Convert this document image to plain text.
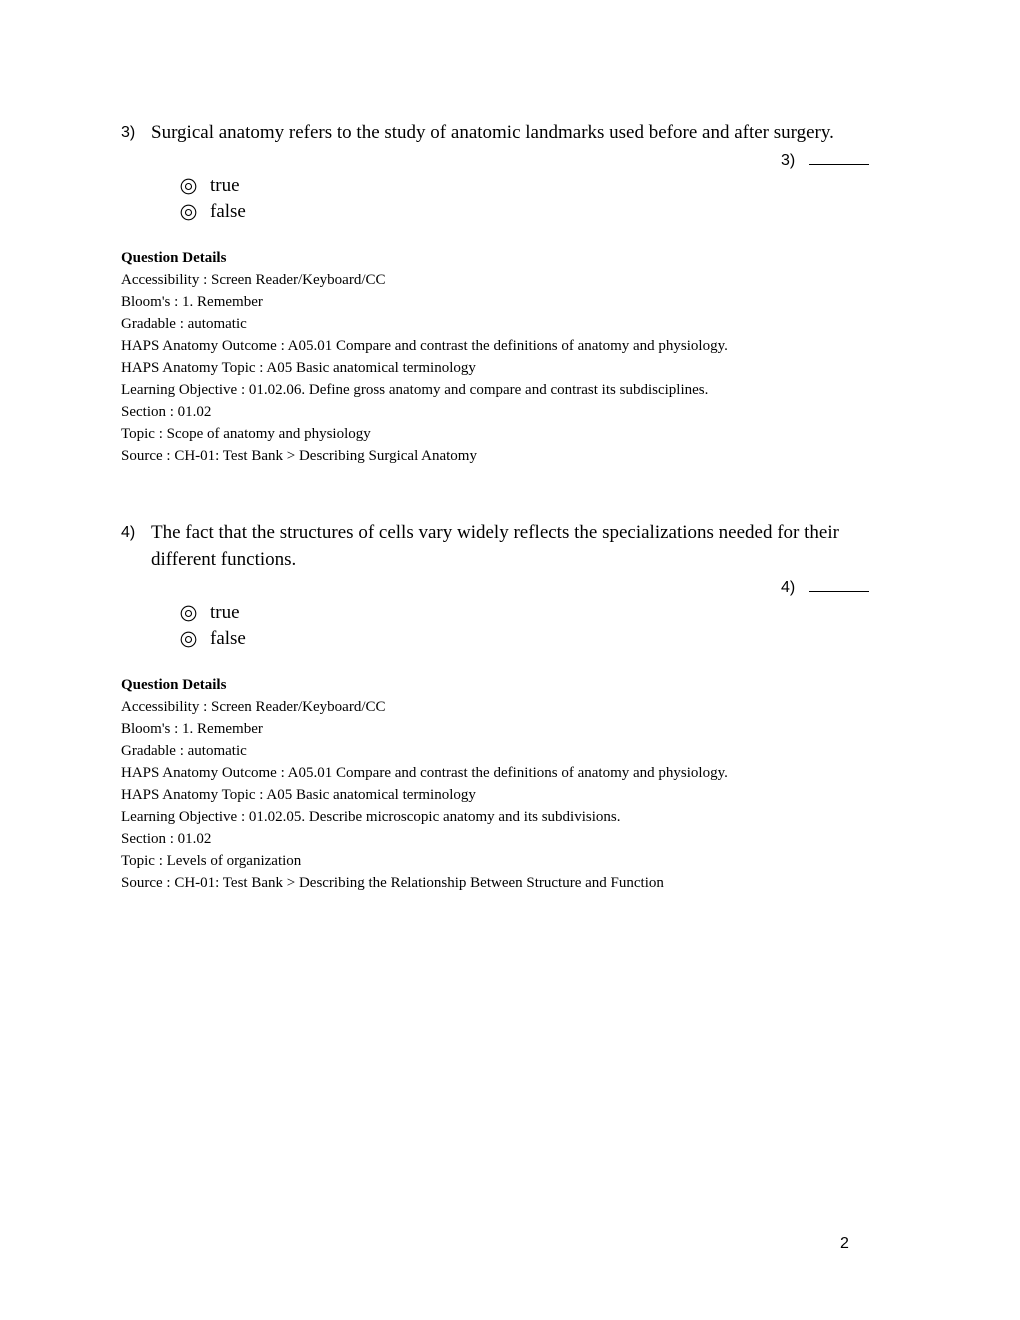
3) Surgical anatomy refers to the study of anatomic landmarks used before and after surgery.
3)
true
false
Question Details
Accessibility : Screen Reader/Keyboard/CC
Bloom's : 1. Remember
Gradable : automatic
HAPS Anatomy Outcome : A05.01 Compare and contrast the definitions of anatomy and physiology.
HAPS Anatomy Topic : A05 Basic anatomical terminology
Learning Objective : 01.02.06. Define gross anatomy and compare and contrast its subdisciplines.
Section : 01.02
Topic : Scope of anatomy and physiology
Source : CH-01: Test Bank > Describing Surgical Anatomy
4) The fact that the structures of cells vary widely reflects the specializations needed for their different functions.
4)
true
false
Question Details
Accessibility : Screen Reader/Keyboard/CC
Bloom's : 1. Remember
Gradable : automatic
HAPS Anatomy Outcome : A05.01 Compare and contrast the definitions of anatomy and physiology.
HAPS Anatomy Topic : A05 Basic anatomical terminology
Learning Objective : 01.02.05. Describe microscopic anatomy and its subdivisions.
Section : 01.02
Topic : Levels of organization
Source : CH-01: Test Bank > Describing the Relationship Between Structure and Function
2
